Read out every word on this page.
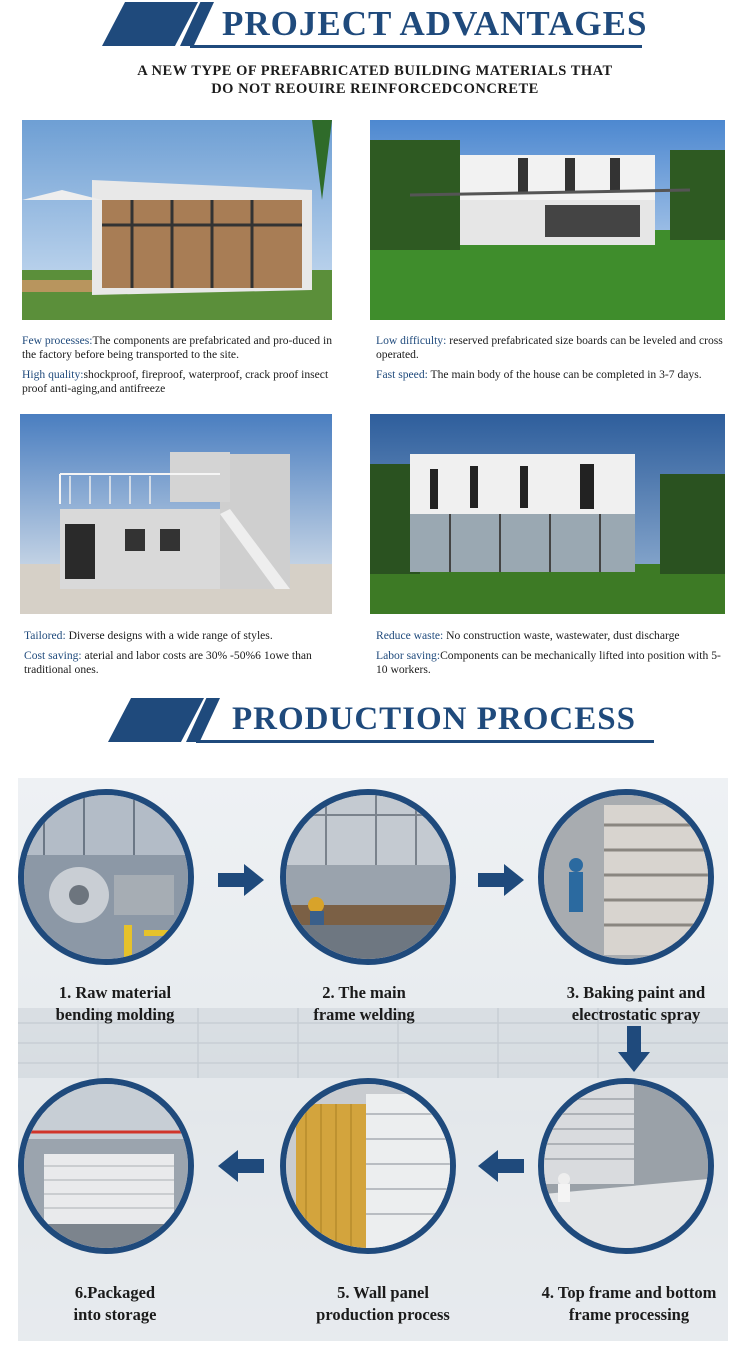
PROJECT ADVANTAGES
A NEW TYPE OF PREFABRICATED BUILDING MATERIALS THAT
DO NOT REOUIRE REINFORCEDCONCRETE

Few processes:The components are prefabricated and pro-duced in the factory before being transported to the site.

High quality:shockproof, fireproof, waterproof, crack proof insect proof anti-aging,and antifreeze

Low difficulty: reserved prefabricated size boards can be leveled and cross operated.

Fast speed: The main body of the house can be completed in 3-7 days.

Tailored: Diverse designs with a wide range of styles.

Cost saving: aterial and labor costs are 30% -50%6 1owe than traditional ones.

Reduce waste: No construction waste, wastewater, dust discharge

Labor saving:Components can be mechanically lifted into position with 5-10 workers.

PRODUCTION PROCESS
1. Raw material
bending molding
2. The main
frame welding
3. Baking paint and
electrostatic spray
6.Packaged
into storage
5. Wall panel
production process
4. Top frame and bottom
frame processing
